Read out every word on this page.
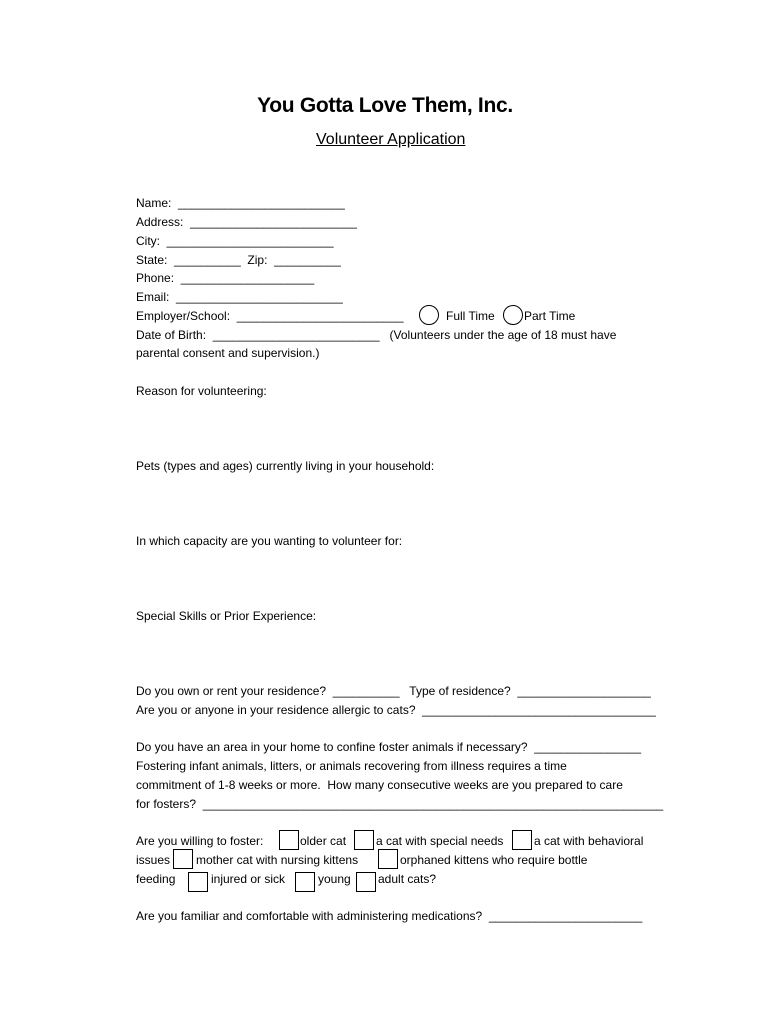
You Gotta Love Them, Inc.
Volunteer Application
Name:  _________________________
Address:  _________________________
City:  _________________________
State:  __________  Zip:  __________
Phone:  ____________________
Email:  _________________________
Employer/School:  _________________________	Full Time Part Time
Date of Birth:  _________________________   (Volunteers under the age of 18 must have
parental consent and supervision.)
Reason for volunteering:
Pets (types and ages) currently living in your household:
In which capacity are you wanting to volunteer for:
Special Skills or Prior Experience:
Do you own or rent your residence?  __________   Type of residence?  ____________________
Are you or anyone in your residence allergic to cats?  ___________________________________
Do you have an area in your home to confine foster animals if necessary?  ________________
Fostering infant animals, litters, or animals recovering from illness requires a time
commitment of 1-8 weeks or more.  How many consecutive weeks are you prepared to care
for fosters?  _____________________________________________________________________
Are you willing to foster:	older cat a cat with special needs	a cat with behavioral
issues mother cat with nursing kittens	orphaned kittens who require bottle
feeding	injured or sick	young adult cats?
Are you familiar and comfortable with administering medications?  _______________________
